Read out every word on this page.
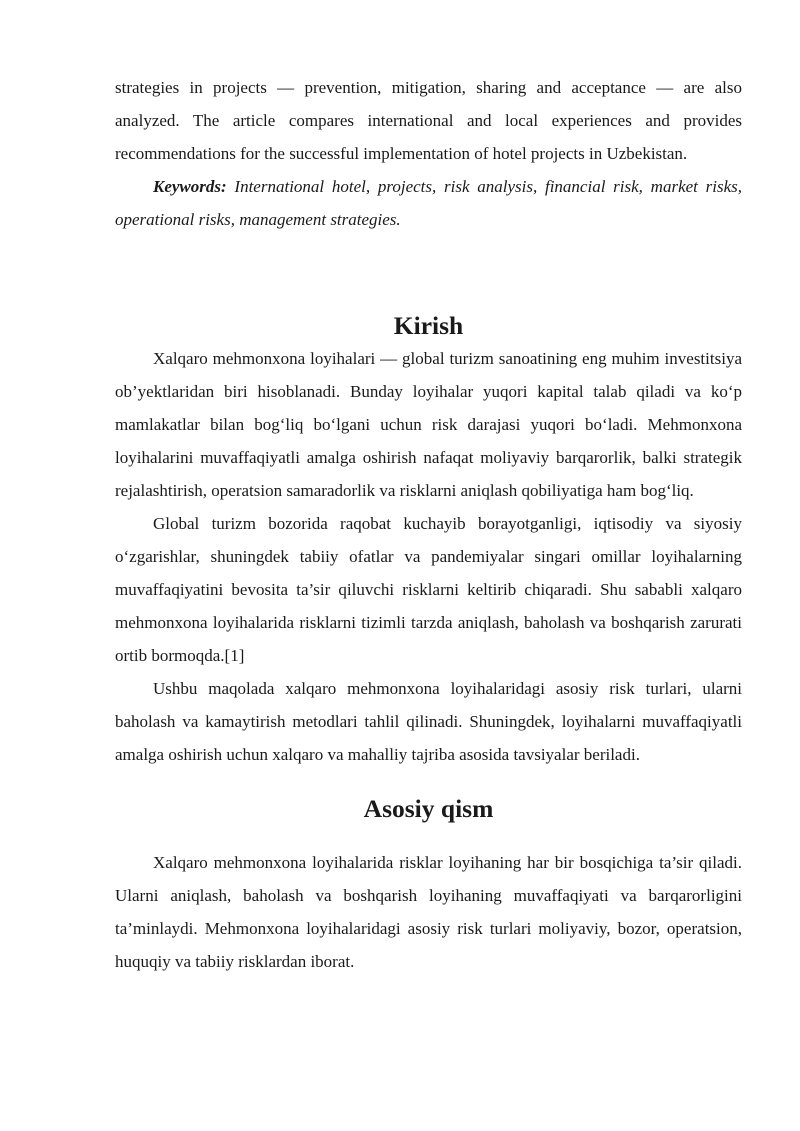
strategies in projects — prevention, mitigation, sharing and acceptance — are also analyzed. The article compares international and local experiences and provides recommendations for the successful implementation of hotel projects in Uzbekistan.

Keywords: International hotel, projects, risk analysis, financial risk, market risks, operational risks, management strategies.

Kirish

Xalqaro mehmonxona loyihalari — global turizm sanoatining eng muhim investitsiya ob’yektlaridan biri hisoblanadi. Bunday loyihalar yuqori kapital talab qiladi va koʻp mamlakatlar bilan bogʻliq boʻlgani uchun risk darajasi yuqori boʻladi. Mehmonxona loyihalarini muvaffaqiyatli amalga oshirish nafaqat moliyaviy barqarorlik, balki strategik rejalashtirish, operatsion samaradorlik va risklarni aniqlash qobiliyatiga ham bogʻliq.

Global turizm bozorida raqobat kuchayib borayotganligi, iqtisodiy va siyosiy oʻzgarishlar, shuningdek tabiiy ofatlar va pandemiyalar singari omillar loyihalarning muvaffaqiyatini bevosita ta’sir qiluvchi risklarni keltirib chiqaradi. Shu sababli xalqaro mehmonxona loyihalarida risklarni tizimli tarzda aniqlash, baholash va boshqarish zarurati ortib bormoqda.[1]

Ushbu maqolada xalqaro mehmonxona loyihalaridagi asosiy risk turlari, ularni baholash va kamaytirish metodlari tahlil qilinadi. Shuningdek, loyihalarni muvaffaqiyatli amalga oshirish uchun xalqaro va mahalliy tajriba asosida tavsiyalar beriladi.

Asosiy qism

Xalqaro mehmonxona loyihalarida risklar loyihaning har bir bosqichiga ta’sir qiladi. Ularni aniqlash, baholash va boshqarish loyihaning muvaffaqiyati va barqarorligini ta’minlaydi. Mehmonxona loyihalaridagi asosiy risk turlari moliyaviy, bozor, operatsion, huquqiy va tabiiy risklardan iborat.
